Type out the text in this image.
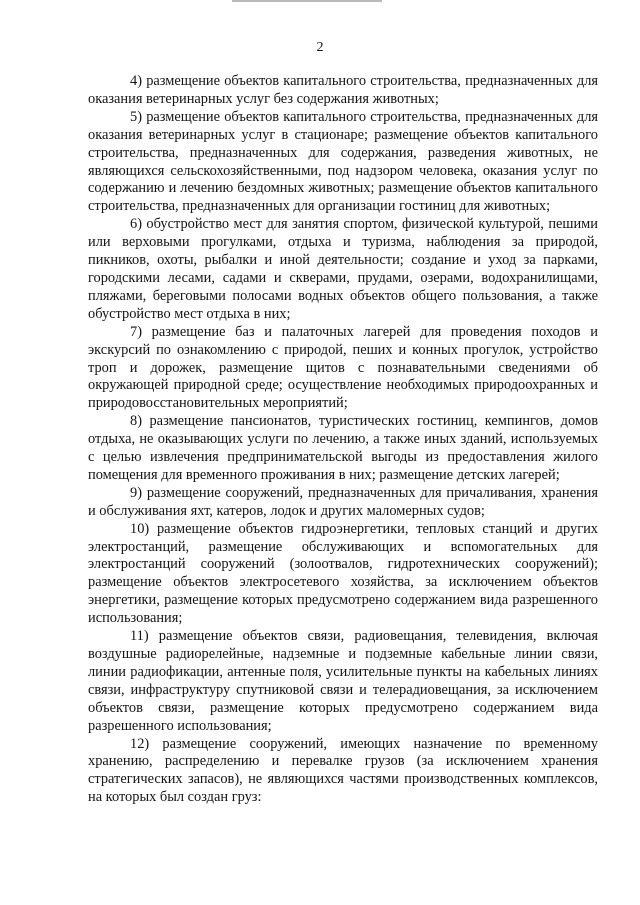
2

4) размещение объектов капитального строительства, предназначенных для оказания ветеринарных услуг без содержания животных;

5) размещение объектов капитального строительства, предназначенных для оказания ветеринарных услуг в стационаре; размещение объектов капитального строительства, предназначенных для содержания, разведения животных, не являющихся сельскохозяйственными, под надзором человека, оказания услуг по содержанию и лечению бездомных животных; размещение объектов капитального строительства, предназначенных для организации гостиниц для животных;

6) обустройство мест для занятия спортом, физической культурой, пешими или верховыми прогулками, отдыха и туризма, наблюдения за природой, пикников, охоты, рыбалки и иной деятельности; создание и уход за парками, городскими лесами, садами и скверами, прудами, озерами, водохранилищами, пляжами, береговыми полосами водных объектов общего пользования, а также обустройство мест отдыха в них;

7) размещение баз и палаточных лагерей для проведения походов и экскурсий по ознакомлению с природой, пеших и конных прогулок, устройство троп и дорожек, размещение щитов с познавательными сведениями об окружающей природной среде; осуществление необходимых природоохранных и природовосстановительных мероприятий;

8) размещение пансионатов, туристических гостиниц, кемпингов, домов отдыха, не оказывающих услуги по лечению, а также иных зданий, используемых с целью извлечения предпринимательской выгоды из предоставления жилого помещения для временного проживания в них; размещение детских лагерей;

9) размещение сооружений, предназначенных для причаливания, хранения и обслуживания яхт, катеров, лодок и других маломерных судов;

10) размещение объектов гидроэнергетики, тепловых станций и других электростанций, размещение обслуживающих и вспомогательных для электростанций сооружений (золоотвалов, гидротехнических сооружений); размещение объектов электросетевого хозяйства, за исключением объектов энергетики, размещение которых предусмотрено содержанием вида разрешенного использования;

11) размещение объектов связи, радиовещания, телевидения, включая воздушные радиорелейные, надземные и подземные кабельные линии связи, линии радиофикации, антенные поля, усилительные пункты на кабельных линиях связи, инфраструктуру спутниковой связи и телерадиовещания, за исключением объектов связи, размещение которых предусмотрено содержанием вида разрешенного использования;

12) размещение сооружений, имеющих назначение по временному хранению, распределению и перевалке грузов (за исключением хранения стратегических запасов), не являющихся частями производственных комплексов, на которых был создан груз:
